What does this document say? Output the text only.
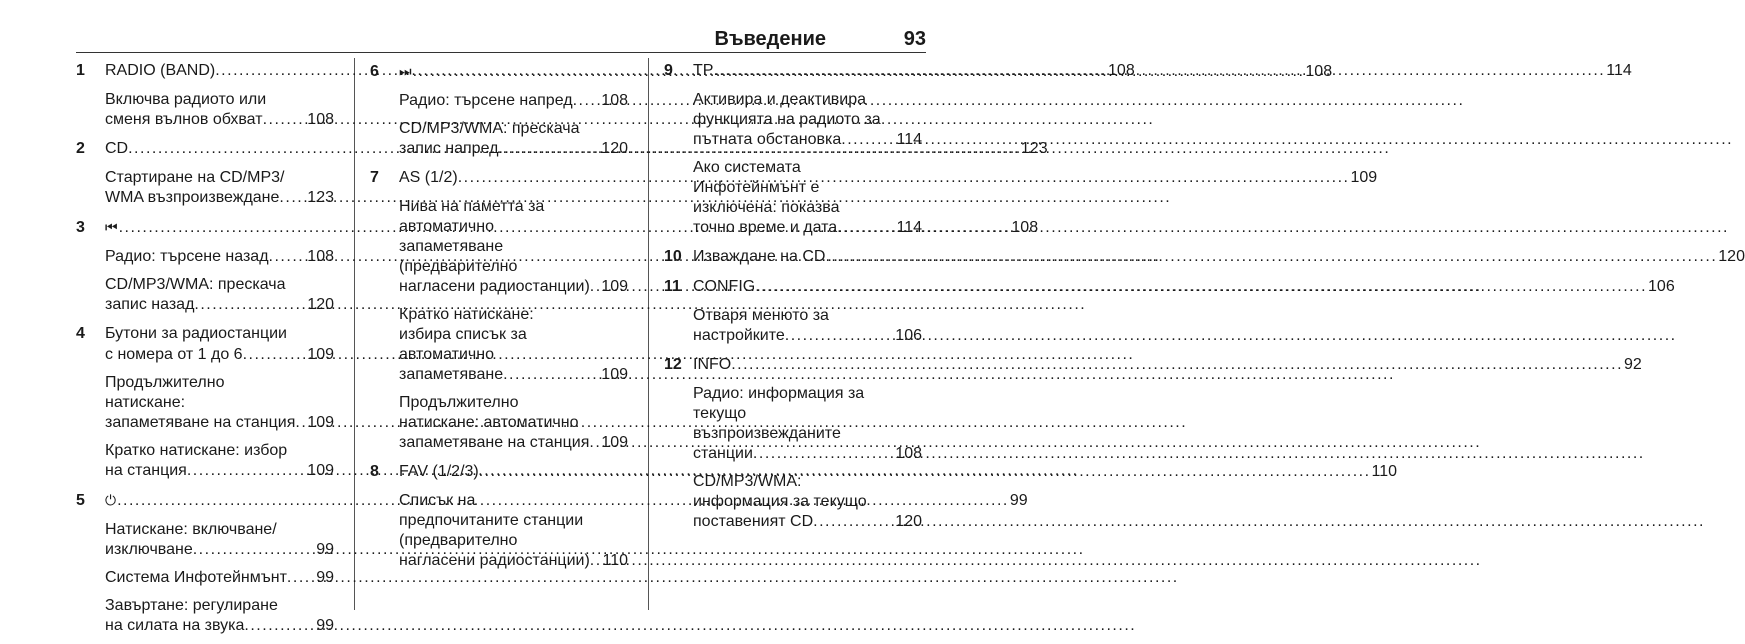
Въведение	93
1	RADIO (BAND) .....	108
Включва радиото или
сменя вълнов обхват .....	108
2	CD .....	123
Стартиране на CD/MP3/
WMA възпроизвеждане ..... 123
3	⏮ .....	108
Радио: търсене назад ..... 108
CD/MP3/WMA: прескача
запис назад .....	120
4	Бутони за радиостанции
с номера от 1 до 6 .....	109
Продължително
натискане:
запаметяване на станция ..... 109
Кратко натискане: избор
на станция .....	109
5	⏻ .....	99
Натискане: включване/
изключване .....	99
Система Инфотейнмънт ..... 99
Завъртане: регулиране
на силата на звука .....	99
6	⏭ .....	108
Радио: търсене напред ..... 108
CD/MP3/WMA: прескача
запис напред .....	120
7	AS (1/2) .....	109
Нива на паметта за
автоматично
запаметяване
(предварително
нагласени радиостанции) ..... 109
Кратко натискане:
избира списък за
автоматично
запаметяване .....	109
Продължително
натискане: автоматично
запаметяване на станция ..... 109
8	FAV (1/2/3) .....	110
Списък на
предпочитаните станции
(предварително
нагласени радиостанции) ..... 110
9	TP .....	114
Активира и деактивира
функцията на радиото за
пътната обстановка .....	114
Ако системата
Инфотейнмънт е
изключена: показва
точно време и дата .....	114
10 Изваждане на CD .....	120
11 CONFIG .....	106
Отваря менюто за
настройките .....	106
12 INFO .....	92
Радио: информация за
текущо
възпроизвежданите
станции .....	108
CD/MP3/WMA:
информация за текущо
поставеният CD .....	120
